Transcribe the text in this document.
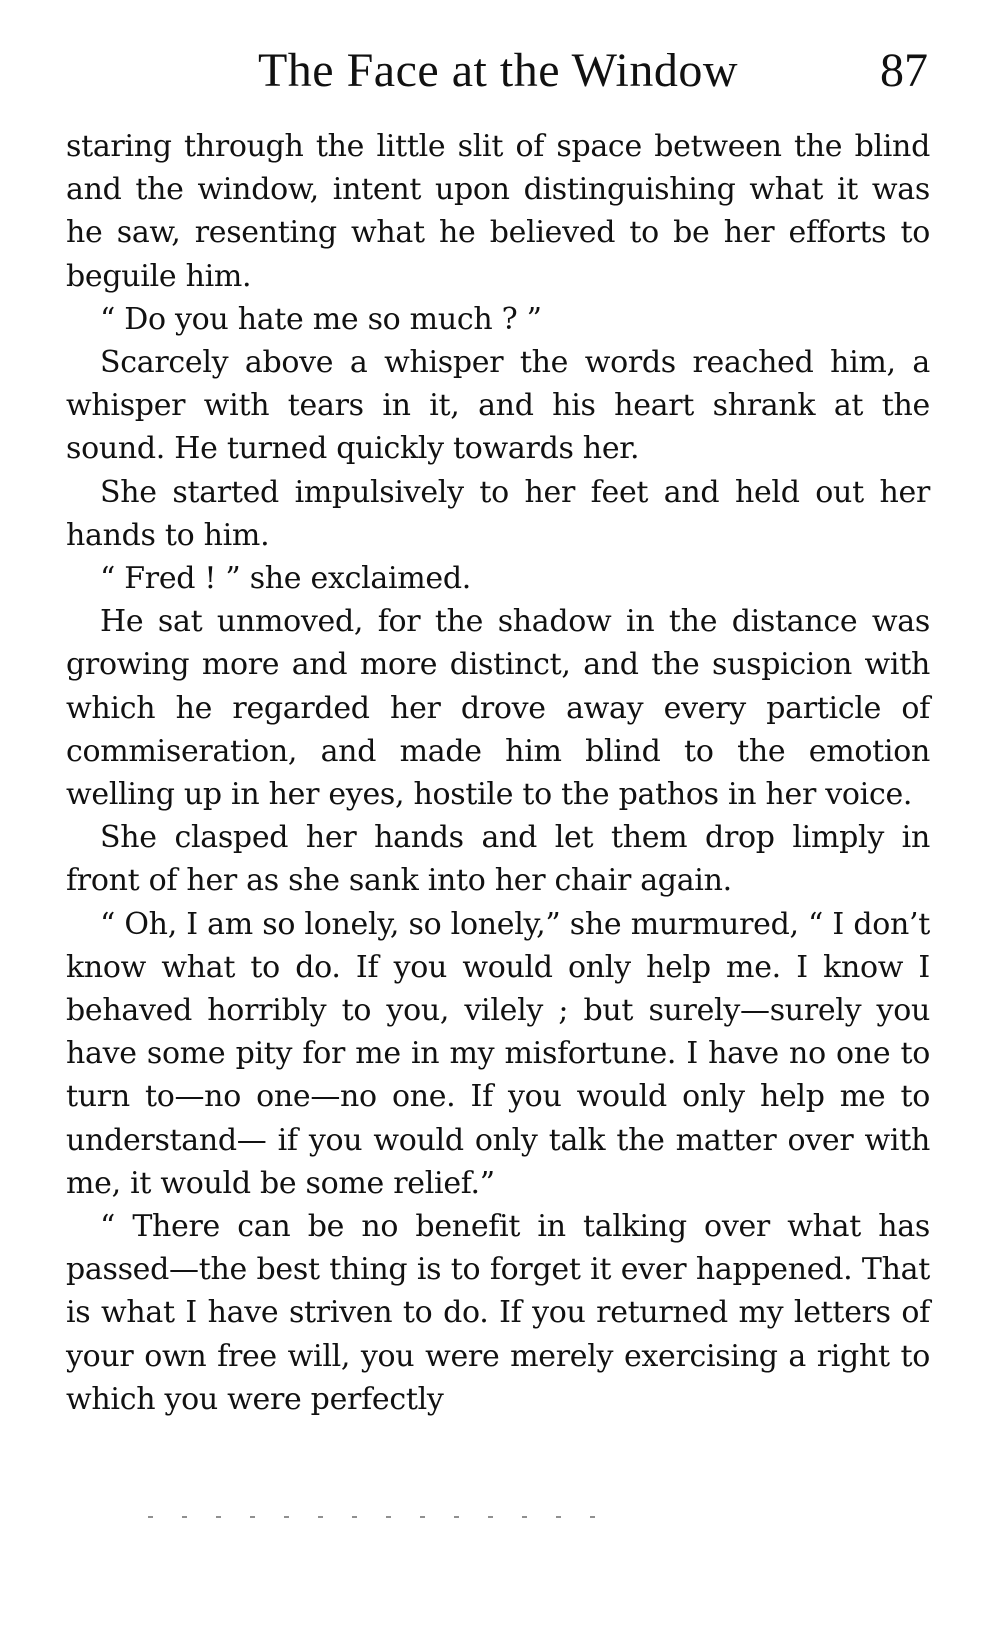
The Face at the Window	87

staring through the little slit of space between the blind and the window, intent upon distinguishing what it was he saw, resenting what he believed to be her efforts to beguile him.

“ Do you hate me so much ? ”

Scarcely above a whisper the words reached him, a whisper with tears in it, and his heart shrank at the sound. He turned quickly towards her.

She started impulsively to her feet and held out her hands to him.

“ Fred ! ” she exclaimed.

He sat unmoved, for the shadow in the distance was growing more and more distinct, and the suspicion with which he regarded her drove away every particle of commiseration, and made him blind to the emotion welling up in her eyes, hostile to the pathos in her voice.

She clasped her hands and let them drop limply in front of her as she sank into her chair again.

“ Oh, I am so lonely, so lonely,” she murmured, “ I don’t know what to do. If you would only help me. I know I behaved horribly to you, vilely ; but surely—surely you have some pity for me in my misfortune. I have no one to turn to—no one—no one. If you would only help me to understand— if you would only talk the matter over with me, it would be some relief.”

“ There can be no benefit in talking over what has passed—the best thing is to forget it ever happened. That is what I have striven to do. If you returned my letters of your own free will, you were merely exercising a right to which you were perfectly
